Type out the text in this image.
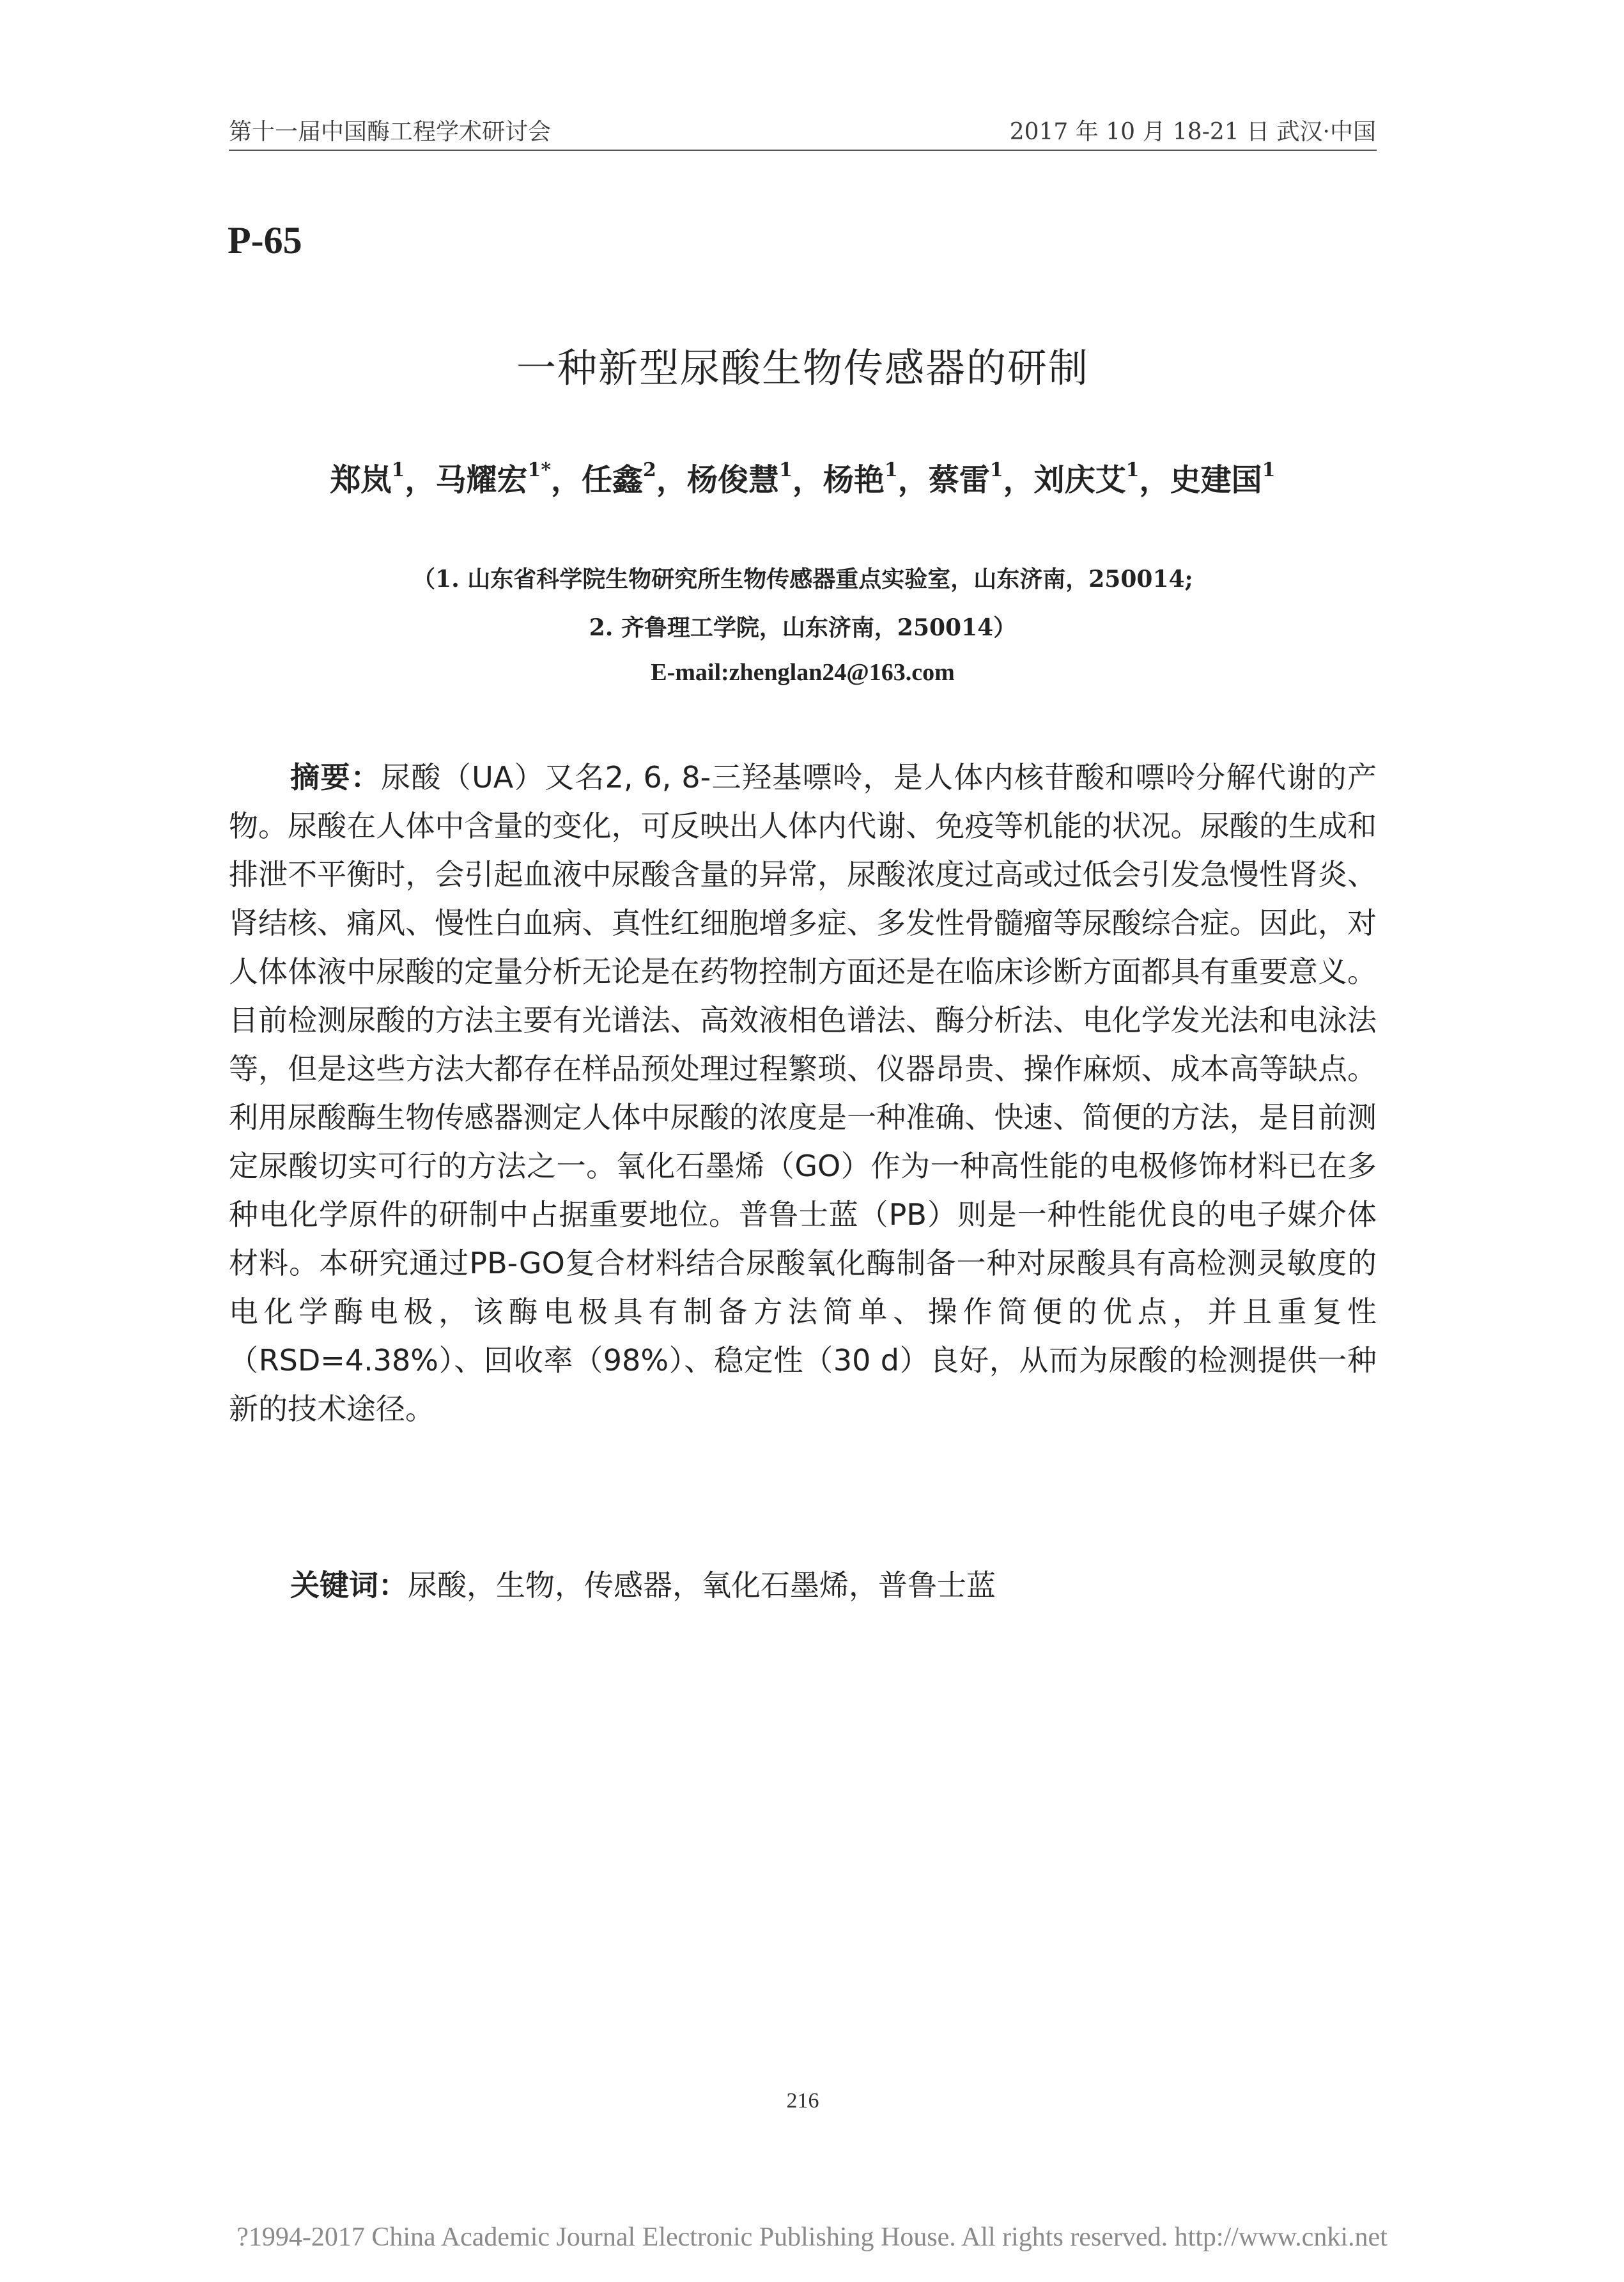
第十一届中国酶工程学术研讨会	2017 年 10 月 18-21 日 武汉·中国
P-65
一种新型尿酸生物传感器的研制
郑岚$^1$，马耀宏$^{1*}$，任鑫$^2$，杨俊慧$^1$，杨艳$^1$，蔡雷$^1$，刘庆艾$^1$，史建国$^1$
（1. 山东省科学院生物研究所生物传感器重点实验室，山东济南，250014;
2. 齐鲁理工学院，山东济南，250014）
E-mail:zhenglan24@163.com

摘要：尿酸（UA）又名2, 6, 8-三羟基嘌呤，是人体内核苷酸和嘌呤分解代谢的产物。尿酸在人体中含量的变化，可反映出人体内代谢、免疫等机能的状况。尿酸的生成和排泄不平衡时，会引起血液中尿酸含量的异常，尿酸浓度过高或过低会引发急慢性肾炎、肾结核、痛风、慢性白血病、真性红细胞增多症、多发性骨髓瘤等尿酸综合症。因此，对人体体液中尿酸的定量分析无论是在药物控制方面还是在临床诊断方面都具有重要意义。目前检测尿酸的方法主要有光谱法、高效液相色谱法、酶分析法、电化学发光法和电泳法等，但是这些方法大都存在样品预处理过程繁琐、仪器昂贵、操作麻烦、成本高等缺点。利用尿酸酶生物传感器测定人体中尿酸的浓度是一种准确、快速、简便的方法，是目前测定尿酸切实可行的方法之一。氧化石墨烯（GO）作为一种高性能的电极修饰材料已在多种电化学原件的研制中占据重要地位。普鲁士蓝（PB）则是一种性能优良的电子媒介体材料。本研究通过PB-GO复合材料结合尿酸氧化酶制备一种对尿酸具有高检测灵敏度的电化学酶电极，该酶电极具有制备方法简单、操作简便的优点，并且重复性（RSD=4.38%）、回收率（98%）、稳定性（30 d）良好，从而为尿酸的检测提供一种新的技术途径。

关键词：尿酸，生物，传感器，氧化石墨烯，普鲁士蓝

216
?1994-2017 China Academic Journal Electronic Publishing House. All rights reserved. http://www.cnki.net
